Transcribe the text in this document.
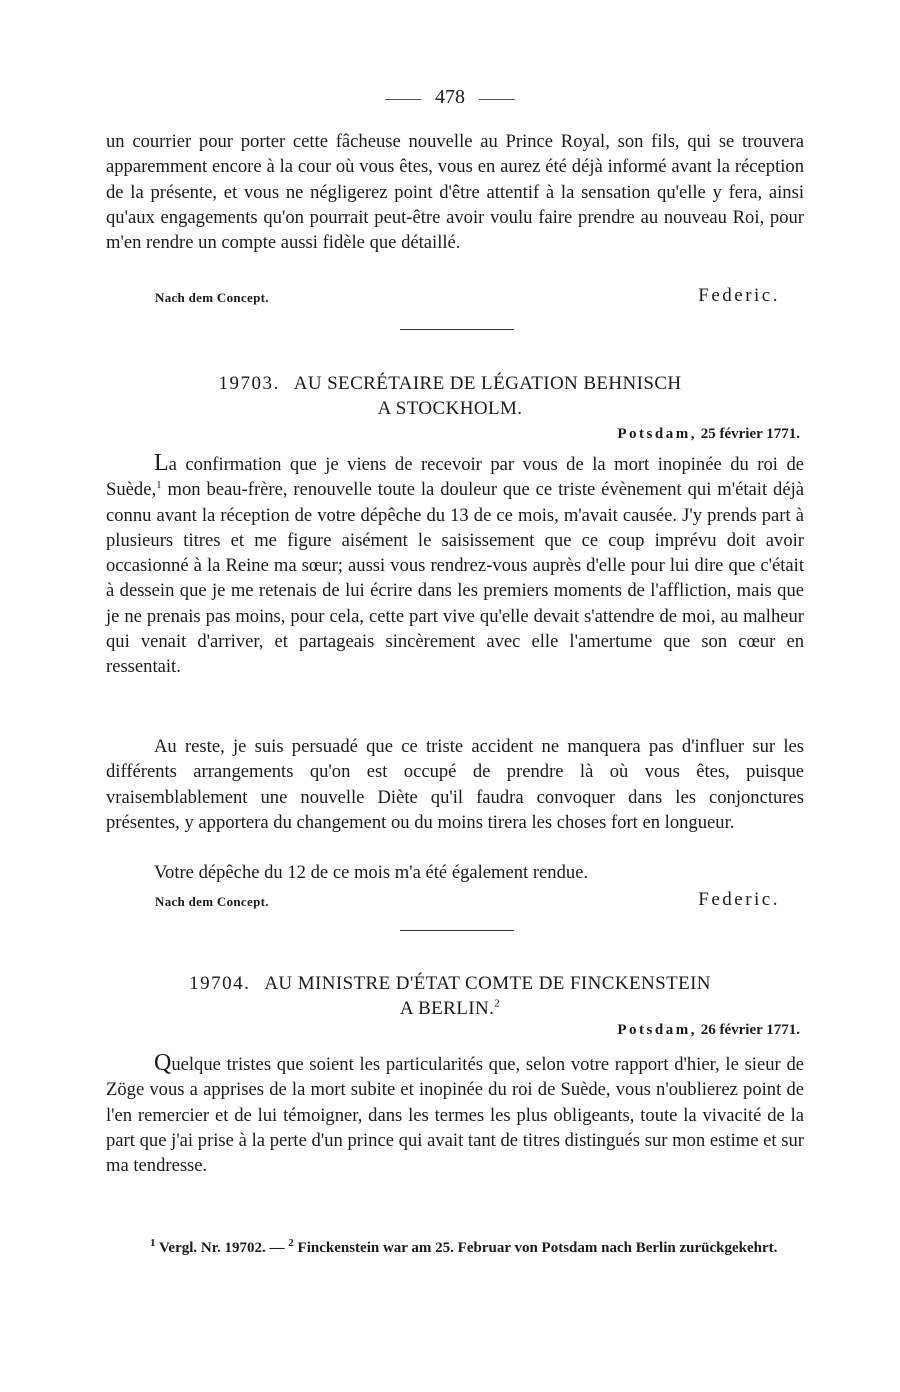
478
un courrier pour porter cette fâcheuse nouvelle au Prince Royal, son fils, qui se trouvera apparemment encore à la cour où vous êtes, vous en aurez été déjà informé avant la réception de la présente, et vous ne négligerez point d'être attentif à la sensation qu'elle y fera, ainsi qu'aux engagements qu'on pourrait peut-être avoir voulu faire prendre au nouveau Roi, pour m'en rendre un compte aussi fidèle que détaillé.
Nach dem Concept.	Federic.
19703. AU SECRÉTAIRE DE LÉGATION BEHNISCH
A STOCKHOLM.
Potsdam, 25 février 1771.
La confirmation que je viens de recevoir par vous de la mort inopinée du roi de Suède,$^1$ mon beau-frère, renouvelle toute la douleur que ce triste évènement qui m'était déjà connu avant la réception de votre dépêche du 13 de ce mois, m'avait causée. J'y prends part à plusieurs titres et me figure aisément le saisissement que ce coup imprévu doit avoir occasionné à la Reine ma sœur; aussi vous rendrez-vous auprès d'elle pour lui dire que c'était à dessein que je me retenais de lui écrire dans les premiers moments de l'affliction, mais que je ne prenais pas moins, pour cela, cette part vive qu'elle devait s'attendre de moi, au malheur qui venait d'arriver, et partageais sincèrement avec elle l'amertume que son cœur en ressentait.
Au reste, je suis persuadé que ce triste accident ne manquera pas d'influer sur les différents arrangements qu'on est occupé de prendre là où vous êtes, puisque vraisemblablement une nouvelle Diète qu'il faudra convoquer dans les conjonctures présentes, y apportera du changement ou du moins tirera les choses fort en longueur.
Votre dépêche du 12 de ce mois m'a été également rendue.
Nach dem Concept.	Federic.
19704. AU MINISTRE D'ÉTAT COMTE DE FINCKENSTEIN
A BERLIN.$^2$
Potsdam, 26 février 1771.
Quelque tristes que soient les particularités que, selon votre rapport d'hier, le sieur de Zöge vous a apprises de la mort subite et inopinée du roi de Suède, vous n'oublierez point de l'en remercier et de lui témoigner, dans les termes les plus obligeants, toute la vivacité de la part que j'ai prise à la perte d'un prince qui avait tant de titres distingués sur mon estime et sur ma tendresse.
$^1$ Vergl. Nr. 19702. — $^2$ Finckenstein war am 25. Februar von Potsdam nach Berlin zurückgekehrt.
